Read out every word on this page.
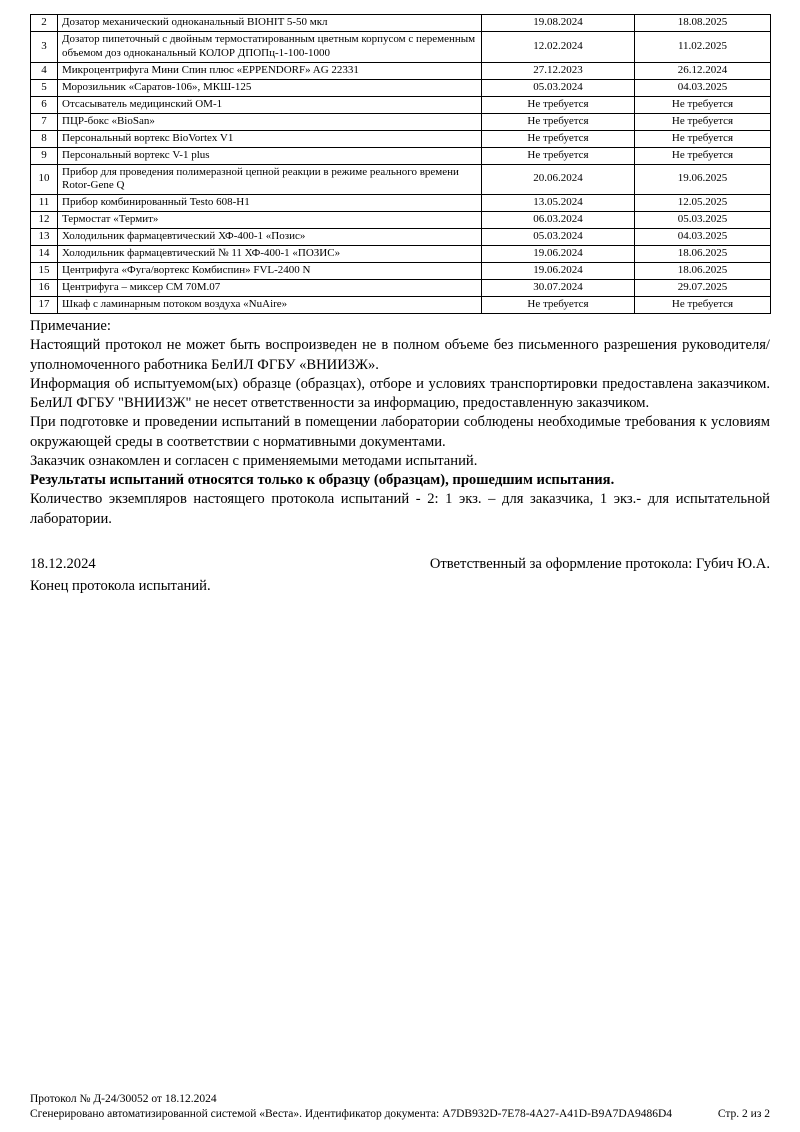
2	Дозатор механический одноканальный BIOHIT 5-50 мкл	19.08.2024	18.08.2025
3	Дозатор пипеточный с двойным термостатированным цветным корпусом с переменным объемом доз одноканальный КОЛОР ДПОПц-1-100-1000	12.02.2024	11.02.2025
4	Микроцентрифуга Мини Спин плюс «EPPENDORF» AG 22331	27.12.2023	26.12.2024
5	Морозильник «Саратов-106», МКШ-125	05.03.2024	04.03.2025
6	Отсасыватель медицинский ОМ-1	Не требуется	Не требуется
7	ПЦР-бокс «BioSan»	Не требуется	Не требуется
8	Персональный вортекс BioVortex V1	Не требуется	Не требуется
9	Персональный вортекс V-1 plus	Не требуется	Не требуется
10	Прибор для проведения полимеразной цепной реакции в режиме реального времени Rotor-Gene Q	20.06.2024	19.06.2025
11	Прибор комбинированный Testo 608-H1	13.05.2024	12.05.2025
12	Термостат «Термит»	06.03.2024	05.03.2025
13	Холодильник фармацевтический ХФ-400-1 «Позис»	05.03.2024	04.03.2025
14	Холодильник фармацевтический № 11 ХФ-400-1 «ПОЗИС»	19.06.2024	18.06.2025
15	Центрифуга «Фуга/вортекс Комбиспин» FVL-2400 N	19.06.2024	18.06.2025
16	Центрифуга – миксер СМ 70М.07	30.07.2024	29.07.2025
17	Шкаф с ламинарным потоком воздуха «NuAire»	Не требуется	Не требуется

Примечание:

Настоящий протокол не может быть воспроизведен не в полном объеме без письменного разрешения руководителя/уполномоченного работника БелИЛ ФГБУ «ВНИИЗЖ».

Информация об испытуемом(ых) образце (образцах), отборе и условиях транспортировки предоставлена заказчиком. БелИЛ ФГБУ "ВНИИЗЖ" не несет ответственности за информацию, предоставленную заказчиком.

При подготовке и проведении испытаний в помещении лаборатории соблюдены необходимые требования к условиям окружающей среды в соответствии с нормативными документами.

Заказчик ознакомлен и согласен с применяемыми методами испытаний.

Результаты испытаний относятся только к образцу (образцам), прошедшим испытания.

Количество экземпляров настоящего протокола испытаний - 2: 1 экз. – для заказчика, 1 экз.- для испытательной лаборатории.

18.12.2024	Ответственный за оформление протокола: Губич Ю.А.
Конец протокола испытаний.
Протокол № Д-24/30052 от 18.12.2024
Сгенерировано автоматизированной системой «Веста». Идентификатор документа: A7DB932D-7E78-4A27-A41D-B9A7DA9486D4	Стр. 2 из 2
